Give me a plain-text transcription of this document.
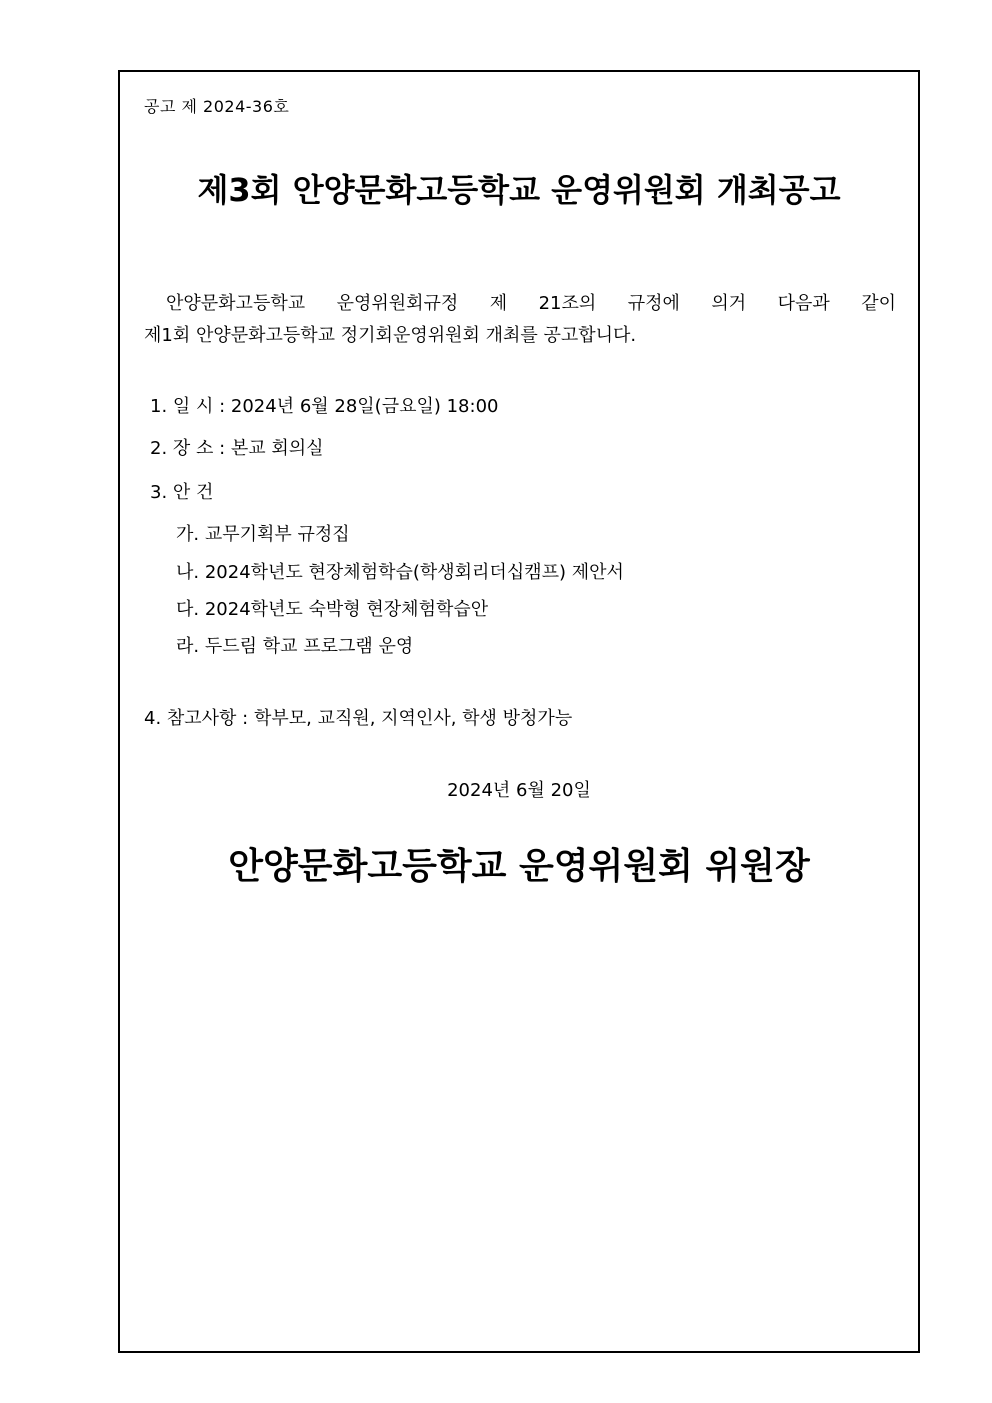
공고 제 2024-36호
제3회 안양문화고등학교 운영위원회 개최공고
안양문화고등학교 운영위원회규정 제 21조의 규정에 의거 다음과 같이
제1회 안양문화고등학교 정기회운영위원회 개최를 공고합니다.
1. 일 시 : 2024년 6월 28일(금요일) 18:00
2. 장 소 : 본교 회의실
3. 안 건
가. 교무기획부 규정집
나. 2024학년도 현장체험학습(학생회리더십캠프) 제안서
다. 2024학년도 숙박형 현장체험학습안
라. 두드림 학교 프로그램 운영
4. 참고사항 : 학부모, 교직원, 지역인사, 학생 방청가능
2024년 6월 20일
안양문화고등학교 운영위원회 위원장
